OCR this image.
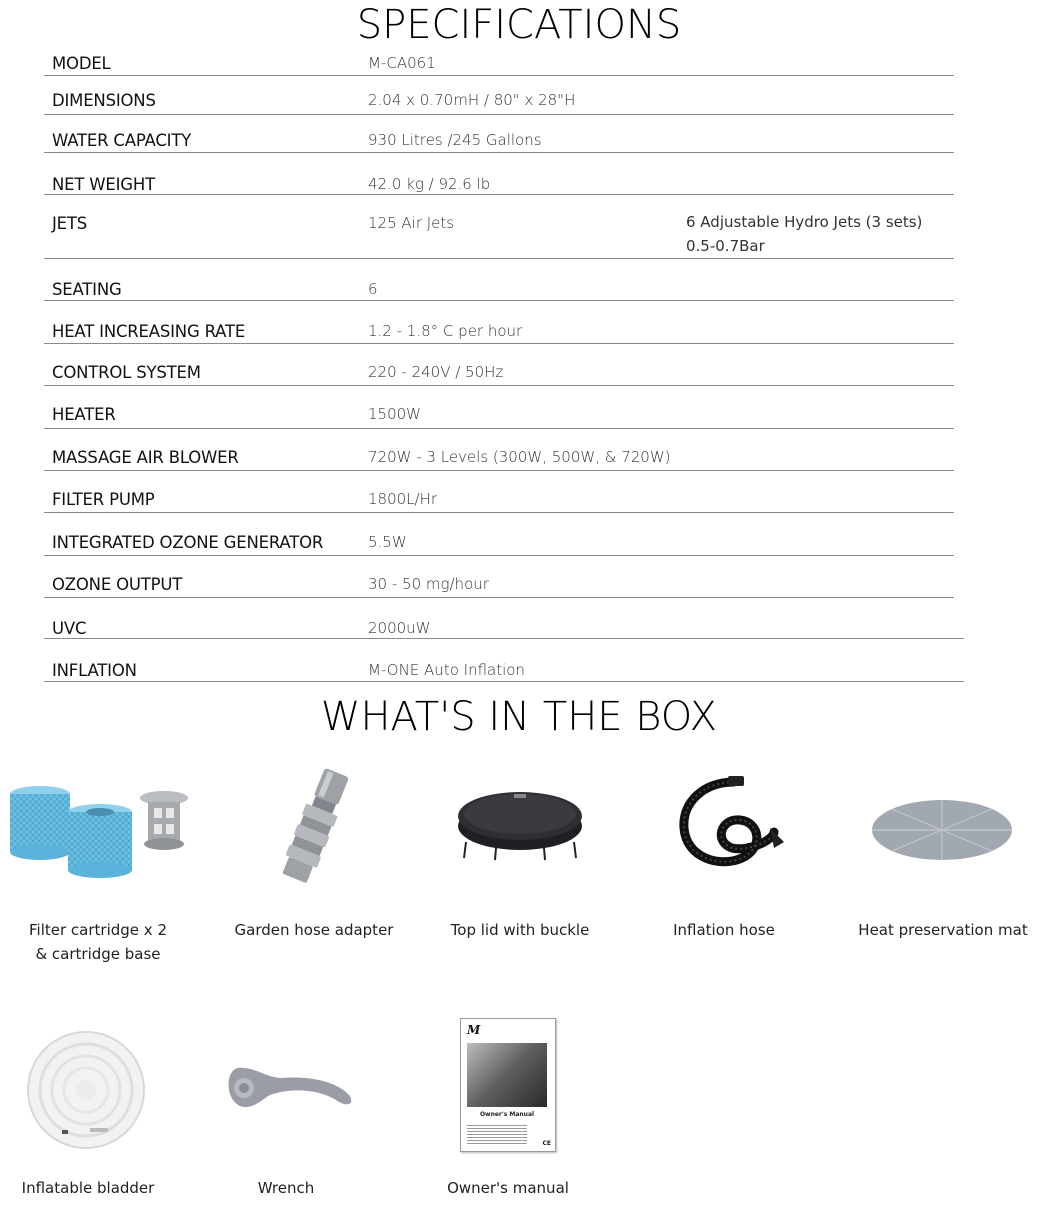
SPECIFICATIONS
MODEL	M-CA061
DIMENSIONS	2.04 x 0.70mH / 80" x 28"H
WATER CAPACITY	930 Litres /245 Gallons
NET WEIGHT	42.0 kg / 92.6 lb
JETS	125 Air Jets	6 Adjustable Hydro Jets (3 sets)
0.5-0.7Bar
SEATING	6
HEAT INCREASING RATE	1.2 - 1.8° C per hour
CONTROL SYSTEM	220 - 240V / 50Hz
HEATER	1500W
MASSAGE AIR BLOWER	720W - 3 Levels (300W, 500W, & 720W)
FILTER PUMP	1800L/Hr
INTEGRATED OZONE GENERATOR	5.5W
OZONE OUTPUT	30 - 50 mg/hour
UVC	2000uW
INFLATION	M-ONE Auto Inflation
WHAT'S IN THE BOX
Filter cartridge x 2
& cartridge base
Garden hose adapter	Top lid with buckle	Inflation hose	Heat preservation mat
Inflatable bladder	Wrench
M
Owner's Manual
CE
Owner's manual
